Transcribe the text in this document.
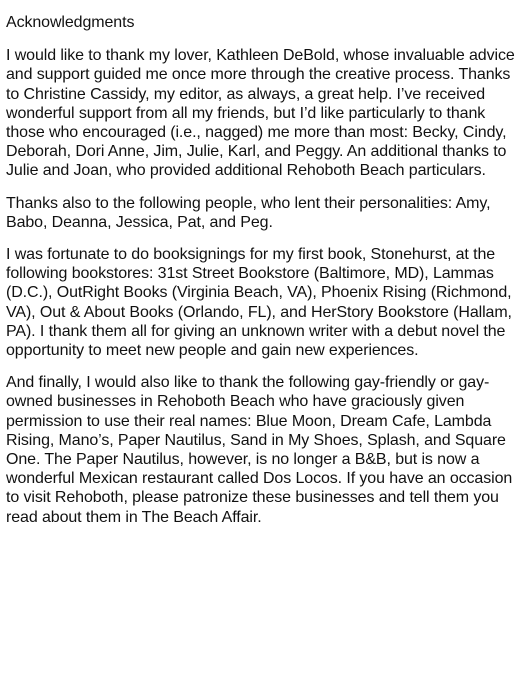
Acknowledgments

I would like to thank my lover, Kathleen DeBold, whose invaluable advice and support guided me once more through the creative process. Thanks to Christine Cassidy, my editor, as always, a great help. I’ve received wonderful support from all my friends, but I’d like particularly to thank those who encouraged (i.e., nagged) me more than most: Becky, Cindy, Deborah, Dori Anne, Jim, Julie, Karl, and Peggy. An additional thanks to Julie and Joan, who provided additional Rehoboth Beach particulars.

Thanks also to the following people, who lent their personalities: Amy, Babo, Deanna, Jessica, Pat, and Peg.

I was fortunate to do booksignings for my first book, Stonehurst, at the following bookstores: 31st Street Bookstore (Baltimore, MD), Lammas (D.C.), OutRight Books (Virginia Beach, VA), Phoenix Rising (Richmond, VA), Out & About Books (Orlando, FL), and HerStory Bookstore (Hallam, PA). I thank them all for giving an unknown writer with a debut novel the opportunity to meet new people and gain new experiences.

And finally, I would also like to thank the following gay-friendly or gay-owned businesses in Rehoboth Beach who have graciously given permission to use their real names: Blue Moon, Dream Cafe, Lambda Rising, Mano’s, Paper Nautilus, Sand in My Shoes, Splash, and Square One. The Paper Nautilus, however, is no longer a B&B, but is now a wonderful Mexican restaurant called Dos Locos. If you have an occasion to visit Rehoboth, please patronize these businesses and tell them you read about them in The Beach Affair.
